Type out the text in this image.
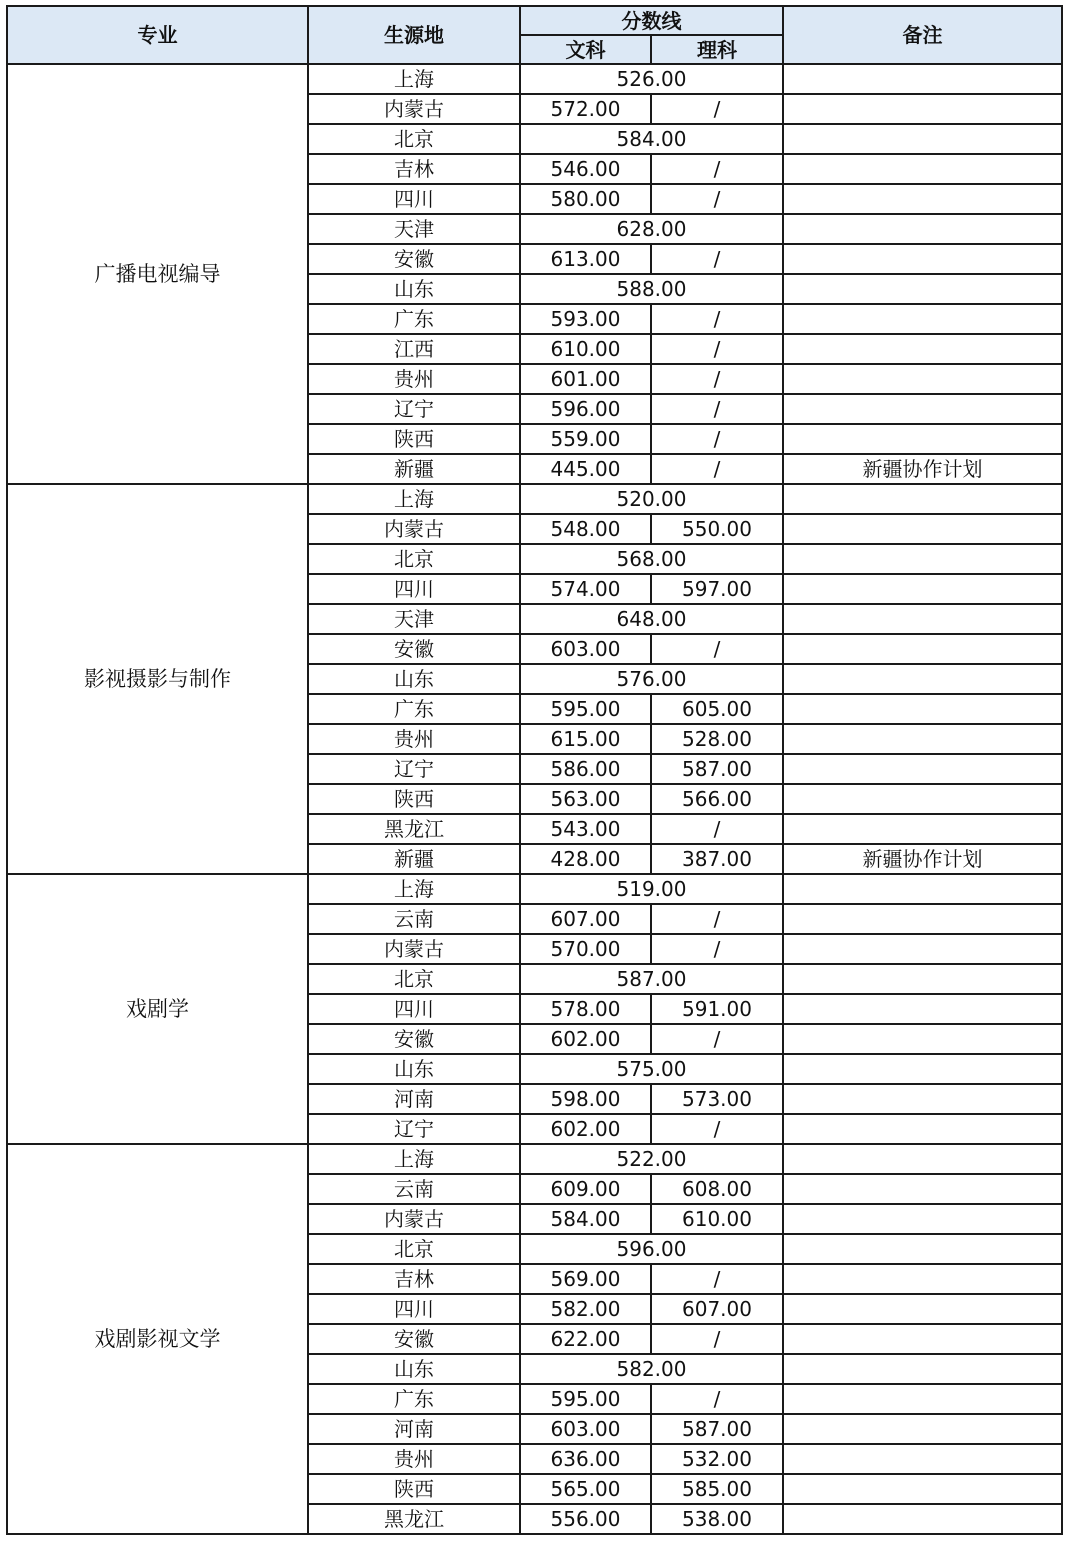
专业	生源地	分数线		备注
		文科	理科	
广播电视编导	上海	526.00		
	内蒙古	572.00	/	
	北京	584.00		
	吉林	546.00	/	
	四川	580.00	/	
	天津	628.00		
	安徽	613.00	/	
	山东	588.00		
	广东	593.00	/	
	江西	610.00	/	
	贵州	601.00	/	
	辽宁	596.00	/	
	陕西	559.00	/	
	新疆	445.00	/	新疆协作计划
影视摄影与制作	上海	520.00		
	内蒙古	548.00	550.00	
	北京	568.00		
	四川	574.00	597.00	
	天津	648.00		
	安徽	603.00	/	
	山东	576.00		
	广东	595.00	605.00	
	贵州	615.00	528.00	
	辽宁	586.00	587.00	
	陕西	563.00	566.00	
	黑龙江	543.00	/	
	新疆	428.00	387.00	新疆协作计划
戏剧学	上海	519.00		
	云南	607.00	/	
	内蒙古	570.00	/	
	北京	587.00		
	四川	578.00	591.00	
	安徽	602.00	/	
	山东	575.00		
	河南	598.00	573.00	
	辽宁	602.00	/	
戏剧影视文学	上海	522.00		
	云南	609.00	608.00	
	内蒙古	584.00	610.00	
	北京	596.00		
	吉林	569.00	/	
	四川	582.00	607.00	
	安徽	622.00	/	
	山东	582.00		
	广东	595.00	/	
	河南	603.00	587.00	
	贵州	636.00	532.00	
	陕西	565.00	585.00	
	黑龙江	556.00	538.00	
